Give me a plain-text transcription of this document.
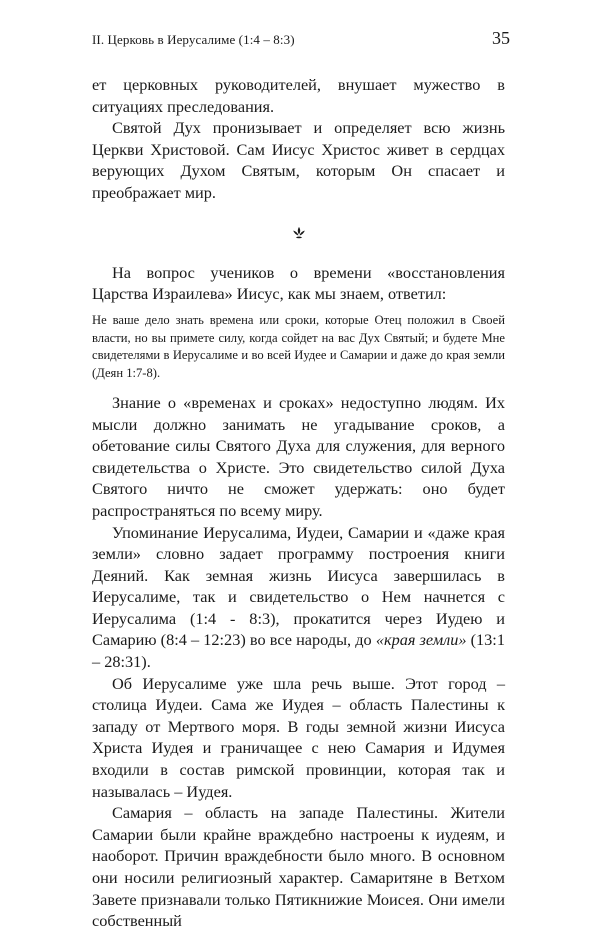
II. Церковь в Иерусалиме (1:4 – 8:3)	35

ет церковных руководителей, внушает мужество в ситуациях преследования.

Святой Дух пронизывает и определяет всю жизнь Церкви Христовой. Сам Иисус Христос живет в сердцах верующих Духом Святым, которым Он спасает и преображает мир.

На вопрос учеников о времени «восстановления Царства Израилева» Иисус, как мы знаем, ответил:

Не ваше дело знать времена или сроки, которые Отец положил в Своей власти, но вы примете силу, когда сойдет на вас Дух Святый; и будете Мне свидетелями в Иерусалиме и во всей Иудее и Самарии и даже до края земли (Деян 1:7-8).

Знание о «временах и сроках» недоступно людям. Их мысли должно занимать не угадывание сроков, а обетование силы Святого Духа для служения, для верного свидетельства о Христе. Это свидетельство силой Духа Святого ничто не сможет удержать: оно будет распространяться по всему миру.

Упоминание Иерусалима, Иудеи, Самарии и «даже края земли» словно задает программу построения книги Деяний. Как земная жизнь Иисуса завершилась в Иерусалиме, так и свидетельство о Нем начнется с Иерусалима (1:4 - 8:3), прокатится через Иудею и Самарию (8:4 – 12:23) во все народы, до «края земли» (13:1 – 28:31).

Об Иерусалиме уже шла речь выше. Этот город – столица Иудеи. Сама же Иудея – область Палестины к западу от Мертвого моря. В годы земной жизни Иисуса Христа Иудея и граничащее с нею Самария и Идумея входили в состав римской провинции, которая так и называлась – Иудея.

Самария – область на западе Палестины. Жители Самарии были крайне враждебно настроены к иудеям, и наоборот. Причин враждебности было много. В основном они носили религиозный характер. Самаритяне в Ветхом Завете признавали только Пятикнижие Моисея. Они имели собственный
